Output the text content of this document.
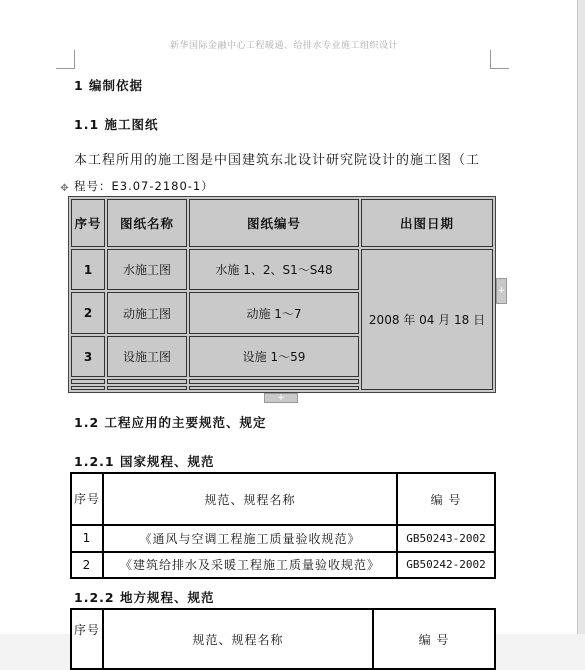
新华国际金融中心工程暖通、给排水专业施工组织设计
1 编制依据
1.1 施工图纸
本工程所用的施工图是中国建筑东北设计研究院设计的施工图（工
程号：E3.07-2180-1）
✥
序号	图纸名称	图纸编号	出图日期
1	水施工图	水施 1、2、S1～S48	2008 年 04 月 18 日
2	动施工图	动施 1～7	
3	设施工图	设施 1～59	

+
+
1.2 工程应用的主要规范、规定
1.2.1 国家规程、规范
序号	规范、规程名称	编 号
1	《通风与空调工程施工质量验收规范》	GB50243-2002
2	《建筑给排水及采暖工程施工质量验收规范》	GB50242-2002
1.2.2 地方规程、规范
序号	规范、规程名称	编 号
